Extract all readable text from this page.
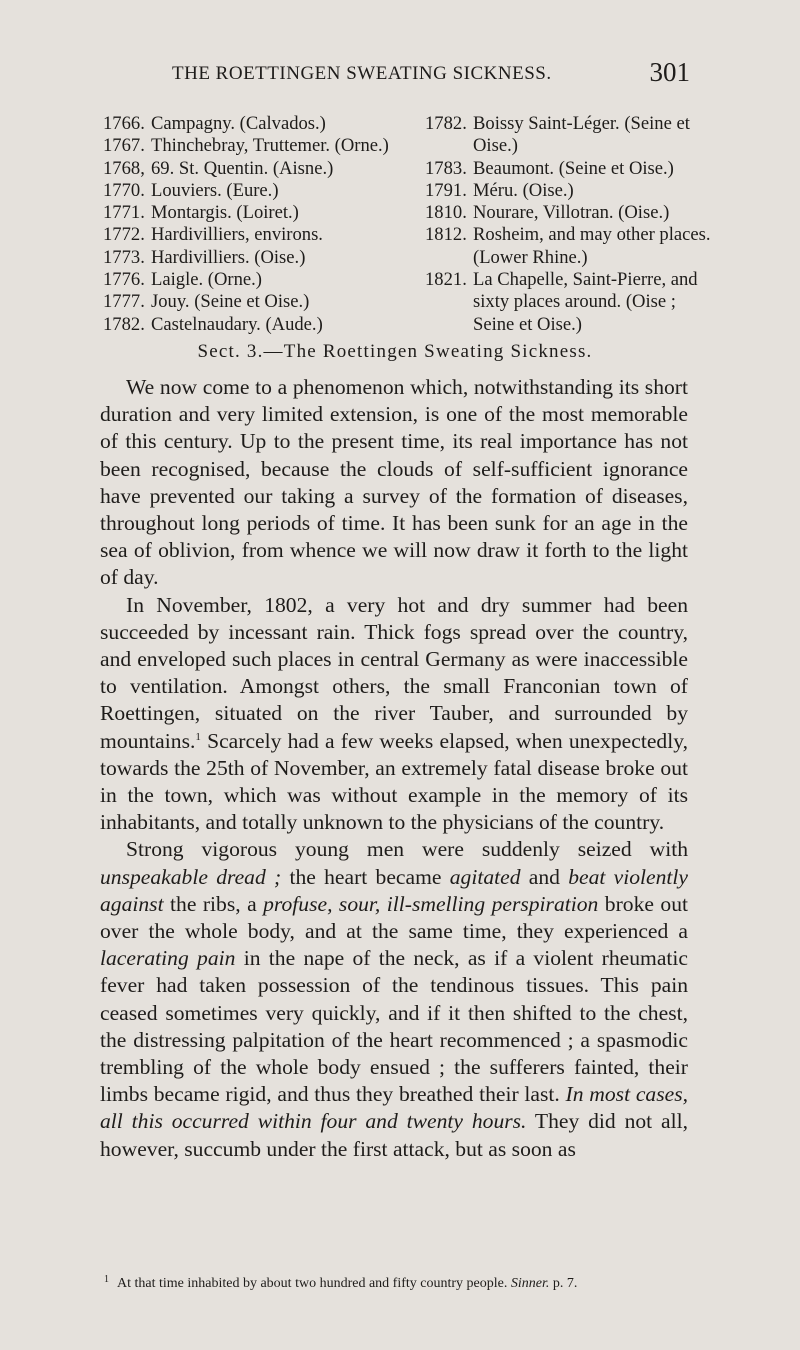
THE ROETTINGEN SWEATING SICKNESS.	301
1766. Campagny. (Calvados.)
1767. Thinchebray, Truttemer. (Orne.)
1768, 69. St. Quentin. (Aisne.)
1770. Louviers. (Eure.)
1771. Montargis. (Loiret.)
1772. Hardivilliers, environs.
1773. Hardivilliers. (Oise.)
1776. Laigle. (Orne.)
1777. Jouy. (Seine et Oise.)
1782. Castelnaudary. (Aude.)
1782. Boissy Saint-Léger. (Seine et Oise.)
1783. Beaumont. (Seine et Oise.)
1791. Méru. (Oise.)
1810. Nourare, Villotran. (Oise.)
1812. Rosheim, and may other places. (Lower Rhine.)
1821. La Chapelle, Saint-Pierre, and sixty places around. (Oise ; Seine et Oise.)
Sect. 3.—The Roettingen Sweating Sickness.

We now come to a phenomenon which, notwithstanding its short duration and very limited extension, is one of the most memorable of this century. Up to the present time, its real importance has not been recognised, because the clouds of self-sufficient ignorance have prevented our taking a survey of the formation of diseases, throughout long periods of time. It has been sunk for an age in the sea of oblivion, from whence we will now draw it forth to the light of day.

In November, 1802, a very hot and dry summer had been succeeded by incessant rain. Thick fogs spread over the country, and enveloped such places in central Germany as were inaccessible to ventilation. Amongst others, the small Franconian town of Roettingen, situated on the river Tauber, and surrounded by mountains.$^1$ Scarcely had a few weeks elapsed, when unexpectedly, towards the 25th of November, an extremely fatal disease broke out in the town, which was without example in the memory of its inhabitants, and totally unknown to the physicians of the country.

Strong vigorous young men were suddenly seized with unspeakable dread ; the heart became agitated and beat violently against the ribs, a profuse, sour, ill-smelling perspiration broke out over the whole body, and at the same time, they experienced a lacerating pain in the nape of the neck, as if a violent rheumatic fever had taken possession of the tendinous tissues. This pain ceased sometimes very quickly, and if it then shifted to the chest, the distressing palpitation of the heart recommenced ; a spasmodic trembling of the whole body ensued ; the sufferers fainted, their limbs became rigid, and thus they breathed their last. In most cases, all this occurred within four and twenty hours. They did not all, however, succumb under the first attack, but as soon as

$^1$ At that time inhabited by about two hundred and fifty country people. Sinner. p. 7.
